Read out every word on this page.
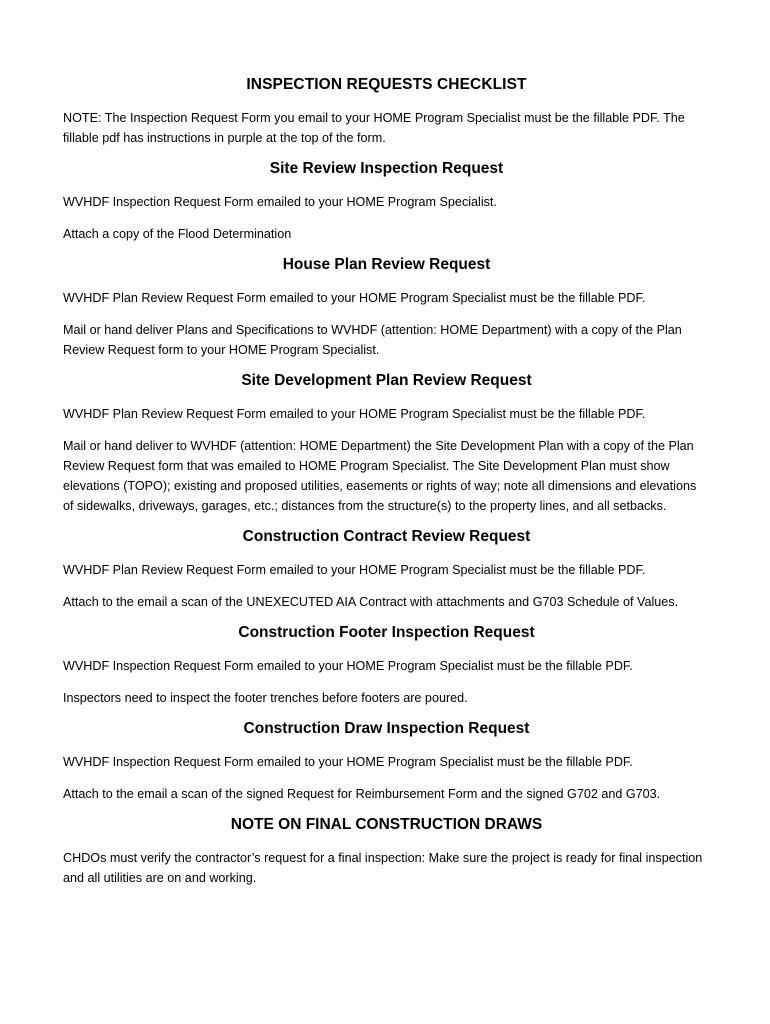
INSPECTION REQUESTS CHECKLIST
NOTE: The Inspection Request Form you email to your HOME Program Specialist must be the fillable PDF. The fillable pdf has instructions in purple at the top of the form.
Site Review Inspection Request
WVHDF Inspection Request Form emailed to your HOME Program Specialist.
Attach a copy of the Flood Determination
House Plan Review Request
WVHDF Plan Review Request Form emailed to your HOME Program Specialist must be the fillable PDF.
Mail or hand deliver Plans and Specifications to WVHDF (attention: HOME Department) with a copy of the Plan Review Request form to your HOME Program Specialist.
Site Development Plan Review Request
WVHDF Plan Review Request Form emailed to your HOME Program Specialist must be the fillable PDF.
Mail or hand deliver to WVHDF (attention: HOME Department) the Site Development Plan with a copy of the Plan Review Request form that was emailed to HOME Program Specialist. The Site Development Plan must show elevations (TOPO); existing and proposed utilities, easements or rights of way; note all dimensions and elevations of sidewalks, driveways, garages, etc.; distances from the structure(s) to the property lines, and all setbacks.
Construction Contract Review Request
WVHDF Plan Review Request Form emailed to your HOME Program Specialist must be the fillable PDF.
Attach to the email a scan of the UNEXECUTED AIA Contract with attachments and G703 Schedule of Values.
Construction Footer Inspection Request
WVHDF Inspection Request Form emailed to your HOME Program Specialist must be the fillable PDF.
Inspectors need to inspect the footer trenches before footers are poured.
Construction Draw Inspection Request
WVHDF Inspection Request Form emailed to your HOME Program Specialist must be the fillable PDF.
Attach to the email a scan of the signed Request for Reimbursement Form and the signed G702 and G703.
NOTE ON FINAL CONSTRUCTION DRAWS
CHDOs must verify the contractor’s request for a final inspection: Make sure the project is ready for final inspection and all utilities are on and working.
